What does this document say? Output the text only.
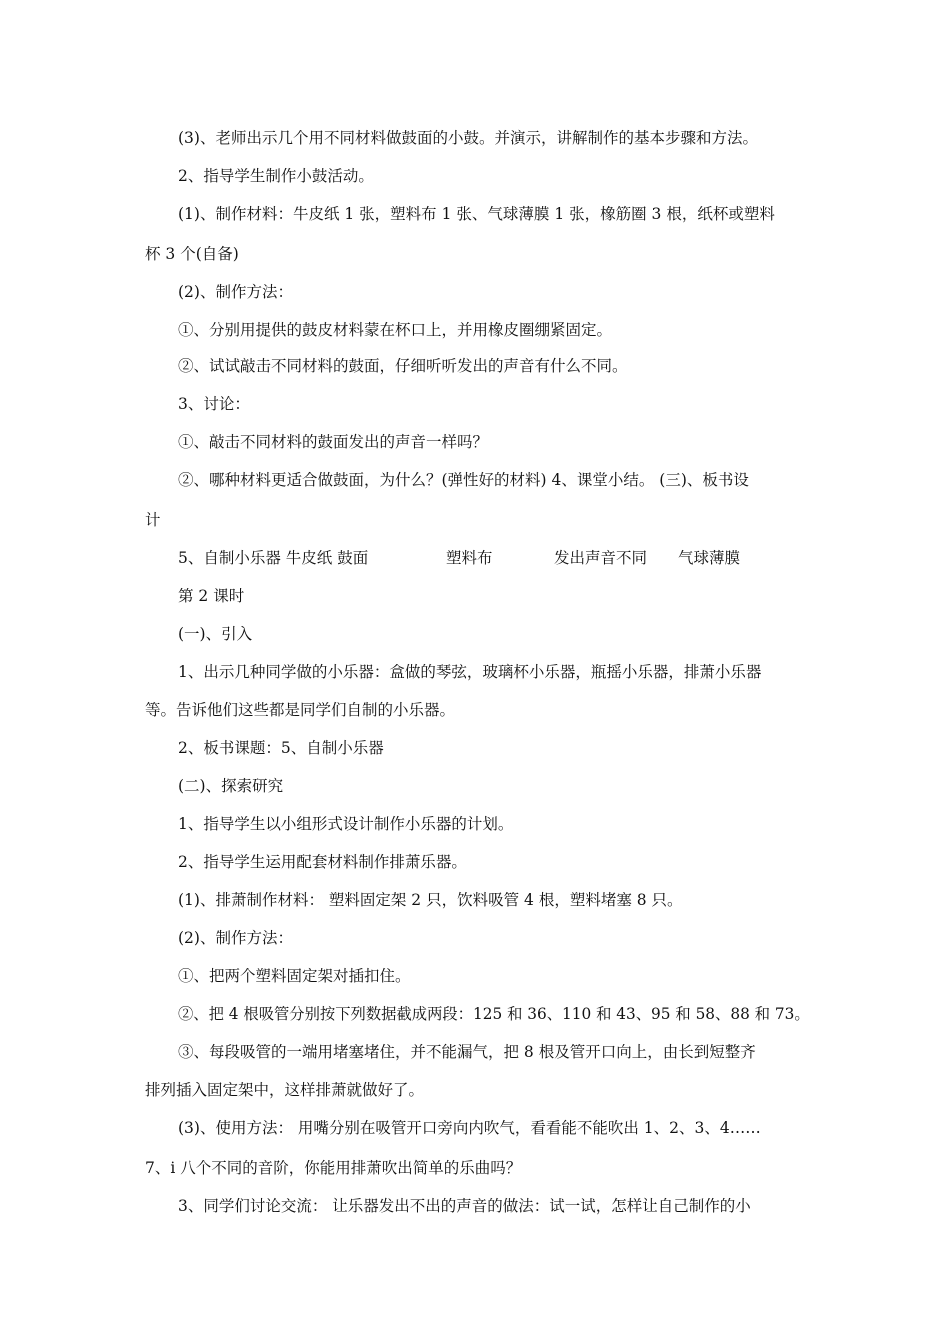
(3)、老师出示几个用不同材料做鼓面的小鼓。并演示，讲解制作的基本步骤和方法。
2、指导学生制作小鼓活动。
(1)、制作材料：牛皮纸 1 张，塑料布 1 张、气球薄膜 1 张，橡筋圈 3 根，纸杯或塑料
杯 3 个(自备)
(2)、制作方法：
①、分别用提供的鼓皮材料蒙在杯口上，并用橡皮圈绷紧固定。
②、试试敲击不同材料的鼓面，仔细听听发出的声音有什么不同。
3、讨论：
①、敲击不同材料的鼓面发出的声音一样吗？
②、哪种材料更适合做鼓面，为什么？(弹性好的材料) 4、课堂小结。 (三)、板书设
计
5、自制小乐器 牛皮纸 鼓面	塑料布	发出声音不同 气球薄膜
第 2 课时
(一)、引入
1、出示几种同学做的小乐器：盒做的琴弦，玻璃杯小乐器，瓶摇小乐器，排萧小乐器
等。告诉他们这些都是同学们自制的小乐器。
2、板书课题：5、自制小乐器
(二)、探索研究
1、指导学生以小组形式设计制作小乐器的计划。
2、指导学生运用配套材料制作排萧乐器。
(1)、排萧制作材料： 塑料固定架 2 只，饮料吸管 4 根，塑料堵塞 8 只。
(2)、制作方法：
①、把两个塑料固定架对插扣住。
②、把 4 根吸管分别按下列数据截成两段：125 和 36、110 和 43、95 和 58、88 和 73。
③、每段吸管的一端用堵塞堵住，并不能漏气，把 8 根及管开口向上，由长到短整齐
排列插入固定架中，这样排萧就做好了。
(3)、使用方法： 用嘴分别在吸管开口旁向内吹气，看看能不能吹出 1、2、3、4……
7、i 八个不同的音阶，你能用排萧吹出简单的乐曲吗？
3、同学们讨论交流： 让乐器发出不出的声音的做法：试一试，怎样让自己制作的小
